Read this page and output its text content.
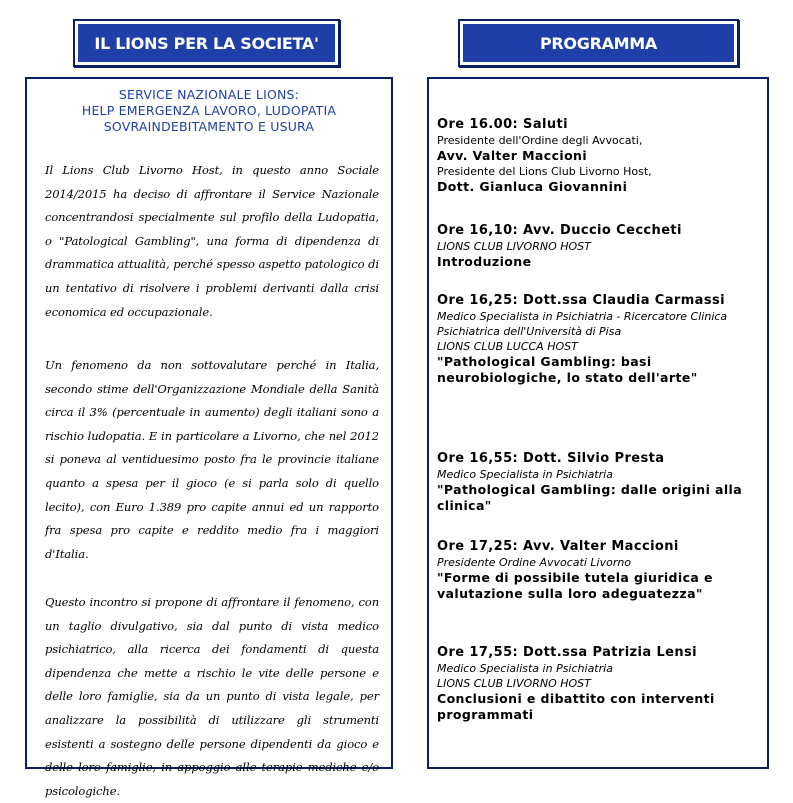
IL LIONS PER LA SOCIETA'	PROGRAMMA
SERVICE NAZIONALE LIONS:
HELP EMERGENZA LAVORO, LUDOPATIA
SOVRAINDEBITAMENTO E USURA
Il Lions Club Livorno Host, in questo anno Sociale 2014/2015 ha deciso di affrontare il Service Nazionale concentrandosi specialmente sul profilo della Ludopatia, o "Patological Gambling", una forma di dipendenza di drammatica attualità, perché spesso aspetto patologico di un tentativo di risolvere i problemi derivanti dalla crisi economica ed occupazionale.
Un fenomeno da non sottovalutare perché in Italia, secondo stime dell'Organizzazione Mondiale della Sanità circa il 3% (percentuale in aumento) degli italiani sono a rischio ludopatia. E in particolare a Livorno, che nel 2012 si poneva al ventiduesimo posto fra le provincie italiane quanto a spesa per il gioco (e si parla solo di quello lecito), con Euro 1.389 pro capite annui ed un rapporto fra spesa pro capite e reddito medio fra i maggiori d'Italia.
Questo incontro si propone di affrontare il fenomeno, con un taglio divulgativo, sia dal punto di vista medico psichiatrico, alla ricerca dei fondamenti di questa dipendenza che mette a rischio le vite delle persone e delle loro famiglie, sia da un punto di vista legale, per analizzare la possibilità di utilizzare gli strumenti esistenti a sostegno delle persone dipendenti da gioco e delle loro famiglie, in appoggio alle terapie mediche e/o psicologiche.
Ore 16.00: Saluti
Presidente dell'Ordine degli Avvocati,
Avv. Valter Maccioni
Presidente del Lions Club Livorno Host,
Dott. Gianluca Giovannini
Ore 16,10: Avv. Duccio Ceccheti
LIONS CLUB LIVORNO HOST
Introduzione
Ore 16,25: Dott.ssa Claudia Carmassi
Medico Specialista in Psichiatria - Ricercatore Clinica Psichiatrica dell'Università di Pisa
LIONS CLUB LUCCA HOST
"Pathological Gambling: basi neurobiologiche, lo stato dell'arte"
Ore 16,55: Dott. Silvio Presta
Medico Specialista in Psichiatria
"Pathological Gambling: dalle origini alla clinica"
Ore 17,25: Avv. Valter Maccioni
Presidente Ordine Avvocati Livorno
"Forme di possibile tutela giuridica e valutazione sulla loro adeguatezza"
Ore 17,55: Dott.ssa Patrizia Lensi
Medico Specialista in Psichiatria
LIONS CLUB LIVORNO HOST
Conclusioni e dibattito con interventi programmati
